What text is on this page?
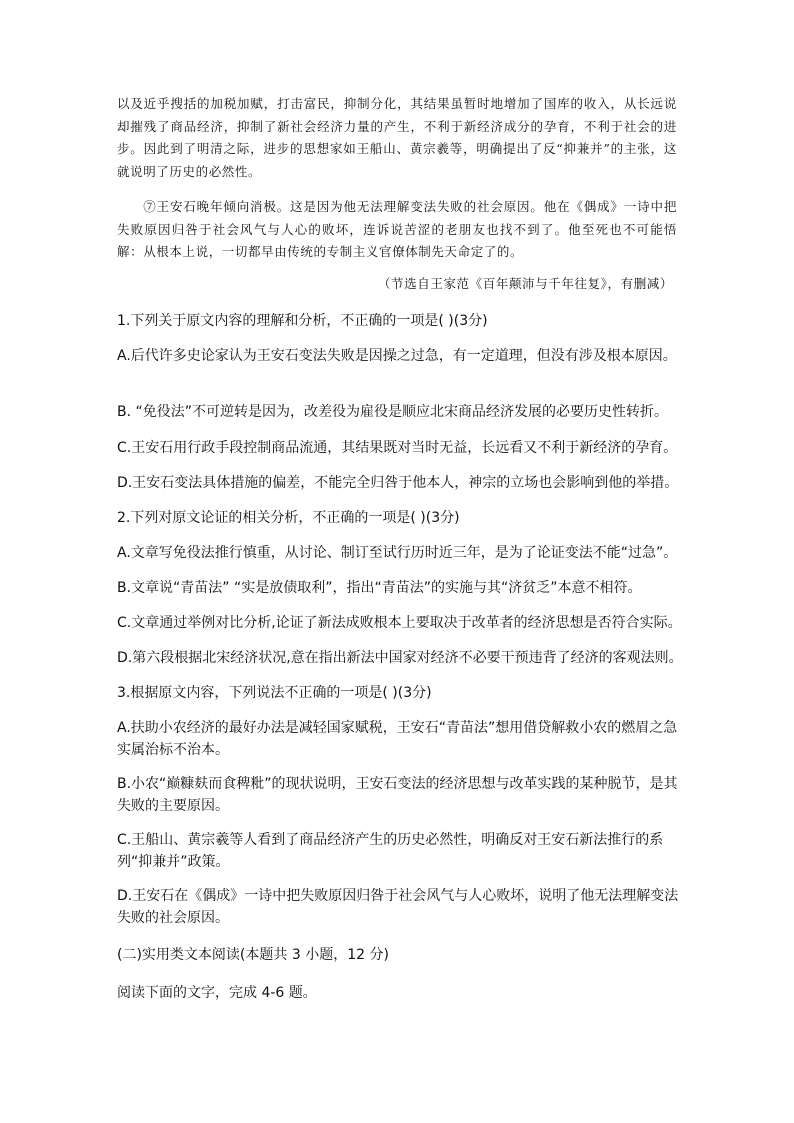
以及近乎搜括的加税加赋，打击富民，抑制分化，其结果虽暂时地增加了国库的收入，从长远说却摧残了商品经济，抑制了新社会经济力量的产生，不利于新经济成分的孕育，不利于社会的进步。因此到了明清之际，进步的思想家如王船山、黄宗羲等，明确提出了反“抑兼并”的主张，这就说明了历史的必然性。

⑦王安石晚年倾向消极。这是因为他无法理解变法失败的社会原因。他在《偶成》一诗中把失败原因归咎于社会风气与人心的败坏，连诉说苦涩的老朋友也找不到了。他至死也不可能悟解：从根本上说，一切都早由传统的专制主义官僚体制先天命定了的。

（节选自王家范《百年颠沛与千年往复》，有删减）

1.下列关于原文内容的理解和分析，不正确的一项是( )(3分)

A.后代许多史论家认为王安石变法失败是因操之过急，有一定道理，但没有涉及根本原因。

B. “免役法”不可逆转是因为，改差役为雇役是顺应北宋商品经济发展的必要历史性转折。

C.王安石用行政手段控制商品流通，其结果既对当时无益，长远看又不利于新经济的孕育。

D.王安石变法具体措施的偏差，不能完全归咎于他本人，神宗的立场也会影响到他的举措。

2.下列对原文论证的相关分析，不正确的一项是( )(3分)

A.文章写免役法推行慎重，从讨论、制订至试行历时近三年，是为了论证变法不能“过急”。

B.文章说“青苗法” “实是放债取利”，指出“青苗法”的实施与其“济贫乏”本意不相符。

C.文章通过举例对比分析,论证了新法成败根本上要取决于改革者的经济思想是否符合实际。

D.第六段根据北宋经济状况,意在指出新法中国家对经济不必要干预违背了经济的客观法则。

3.根据原文内容，下列说法不正确的一项是( )(3分)

A.扶助小农经济的最好办法是减轻国家赋税，王安石“青苗法”想用借贷解救小农的燃眉之急实属治标不治本。

B.小农“巅糠麸而食稗粃”的现状说明，王安石变法的经济思想与改革实践的某种脱节，是其失败的主要原因。

C.王船山、黄宗羲等人看到了商品经济产生的历史必然性，明确反对王安石新法推行的系列“抑兼并”政策。

D.王安石在《偶成》一诗中把失败原因归咎于社会风气与人心败坏，说明了他无法理解变法失败的社会原因。

(二)实用类文本阅读(本题共 3 小题，12 分)

阅读下面的文字，完成 4-6 题。
